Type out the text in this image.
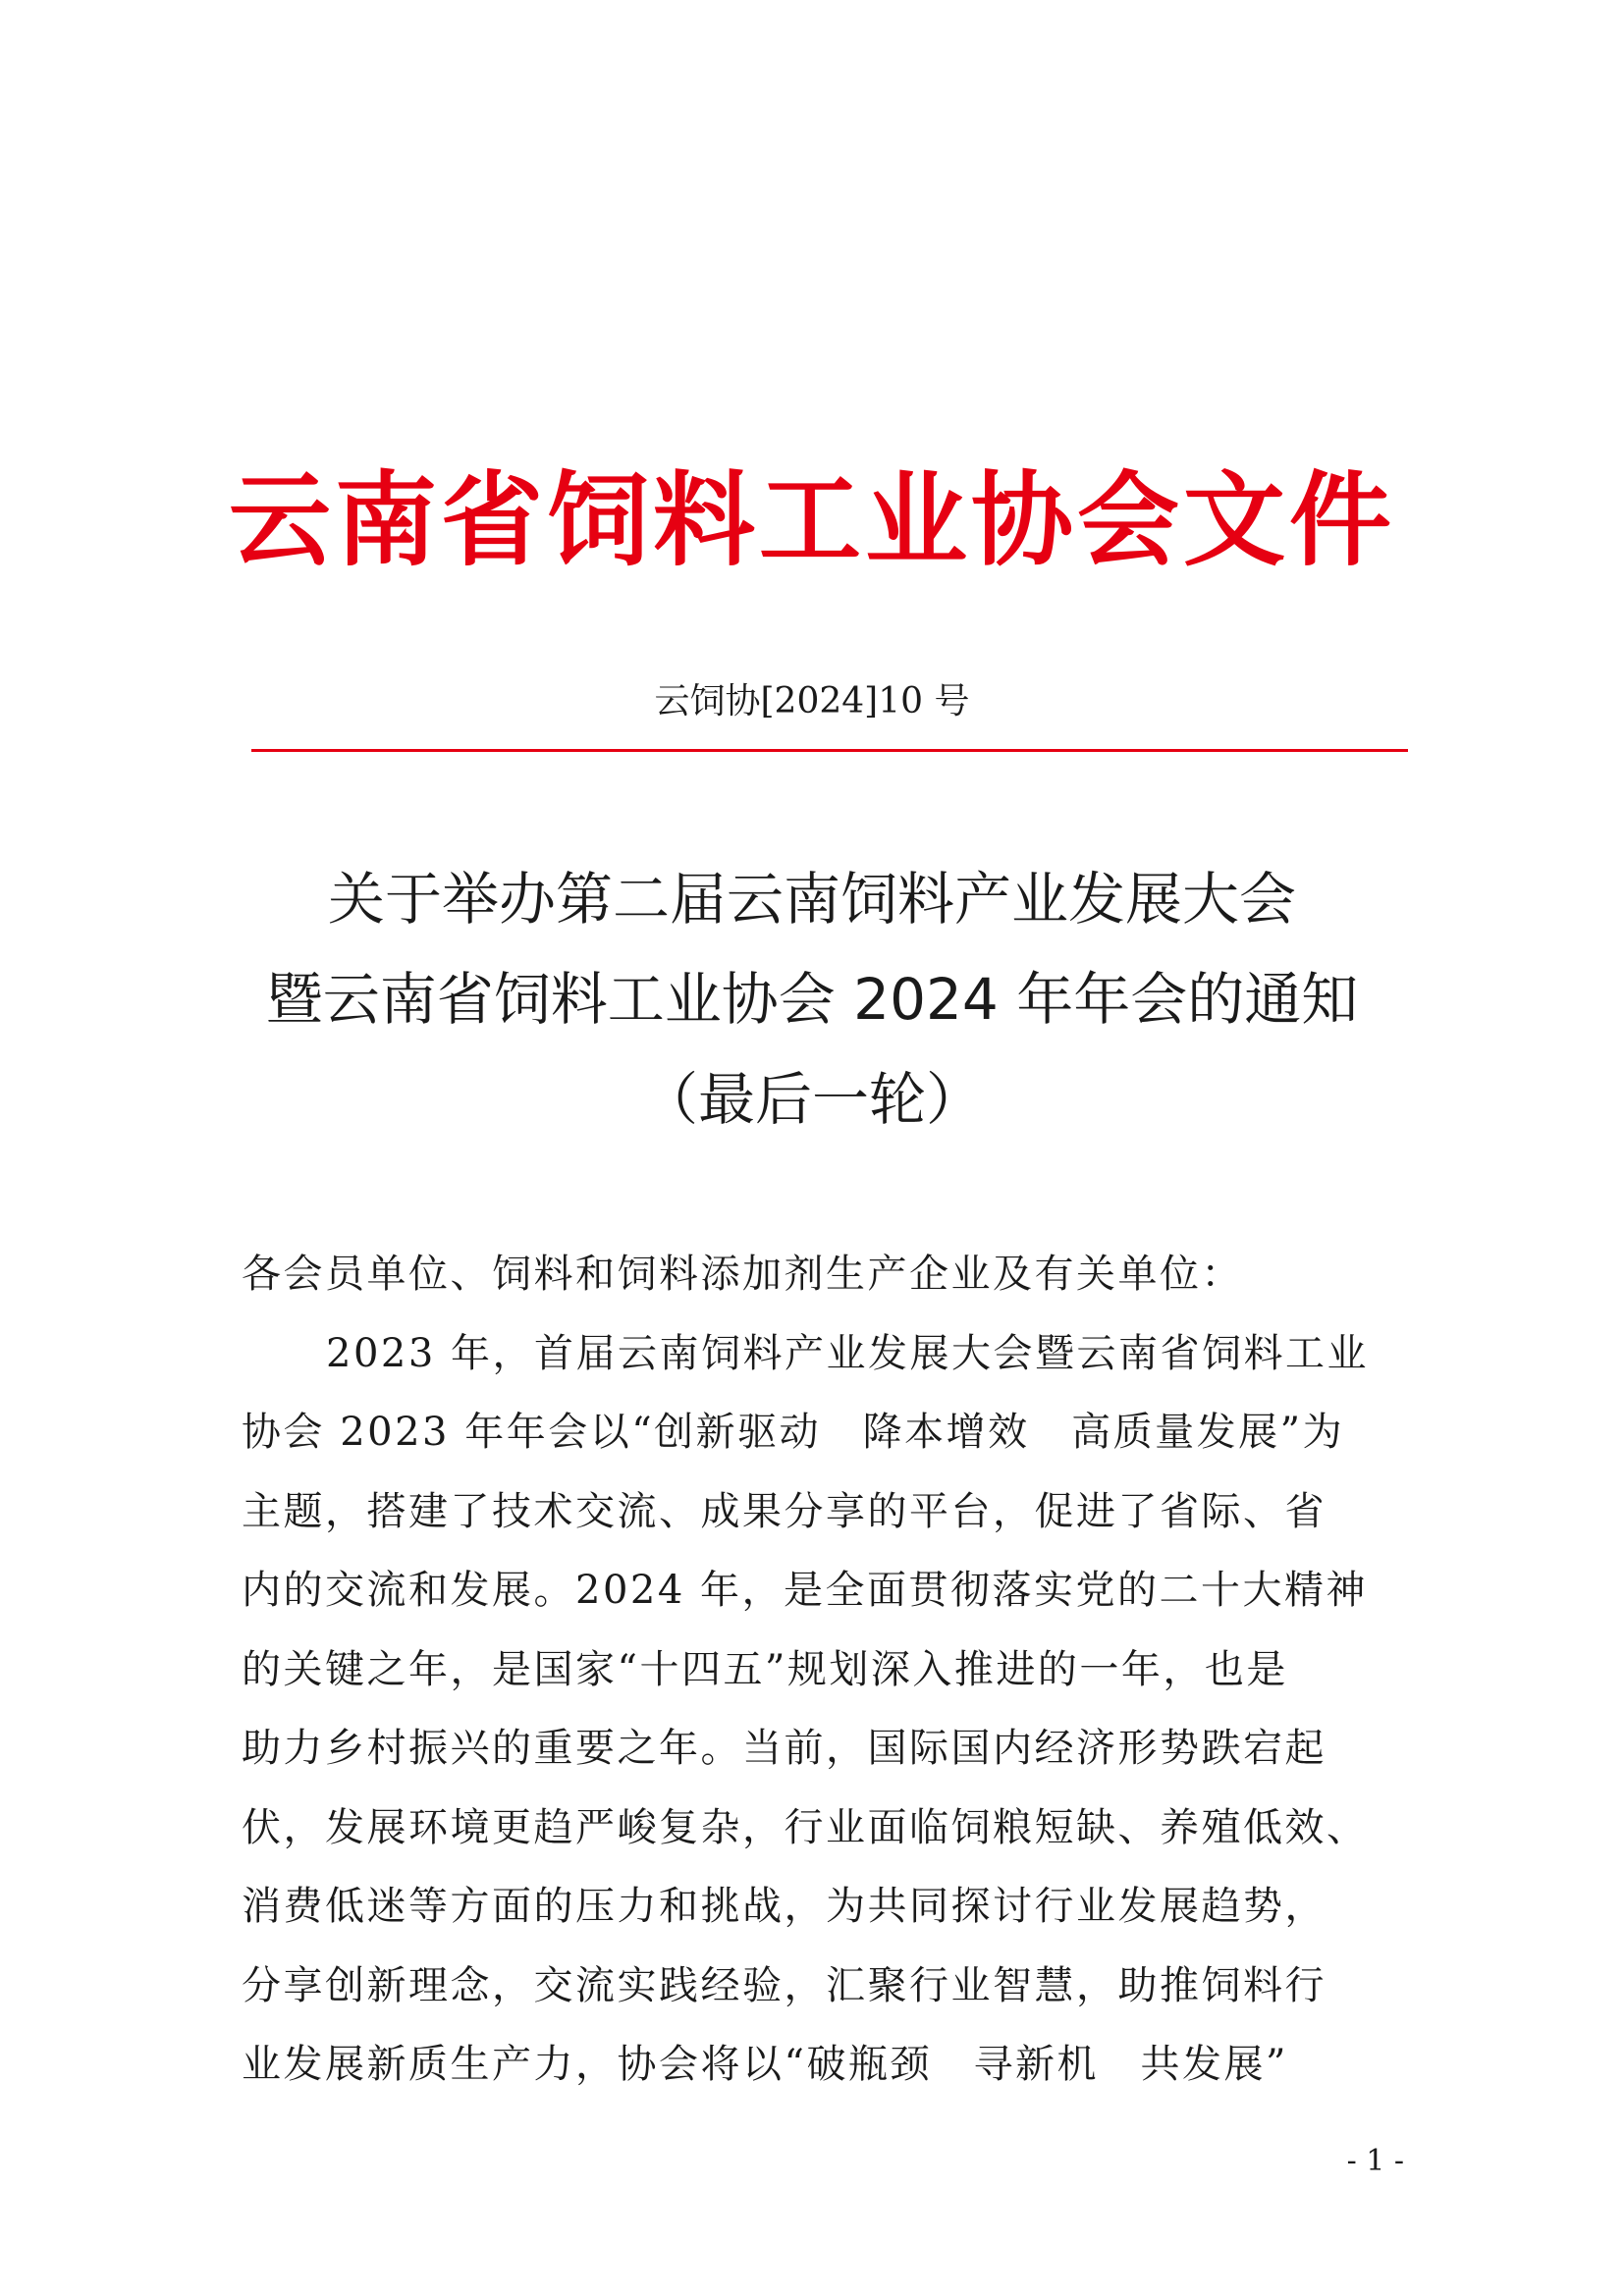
云南省饲料工业协会文件
云饲协[2024]10 号
关于举办第二届云南饲料产业发展大会
暨云南省饲料工业协会 2024 年年会的通知
（最后一轮）
各会员单位、饲料和饲料添加剂生产企业及有关单位：
2023 年，首届云南饲料产业发展大会暨云南省饲料工业
协会 2023 年年会以“创新驱动　降本增效　高质量发展”为
主题，搭建了技术交流、成果分享的平台，促进了省际、省
内的交流和发展。2024 年，是全面贯彻落实党的二十大精神
的关键之年，是国家“十四五”规划深入推进的一年，也是
助力乡村振兴的重要之年。当前，国际国内经济形势跌宕起
伏，发展环境更趋严峻复杂，行业面临饲粮短缺、养殖低效、
消费低迷等方面的压力和挑战，为共同探讨行业发展趋势，
分享创新理念，交流实践经验，汇聚行业智慧，助推饲料行
业发展新质生产力，协会将以“破瓶颈　寻新机　共发展”
- 1 -
